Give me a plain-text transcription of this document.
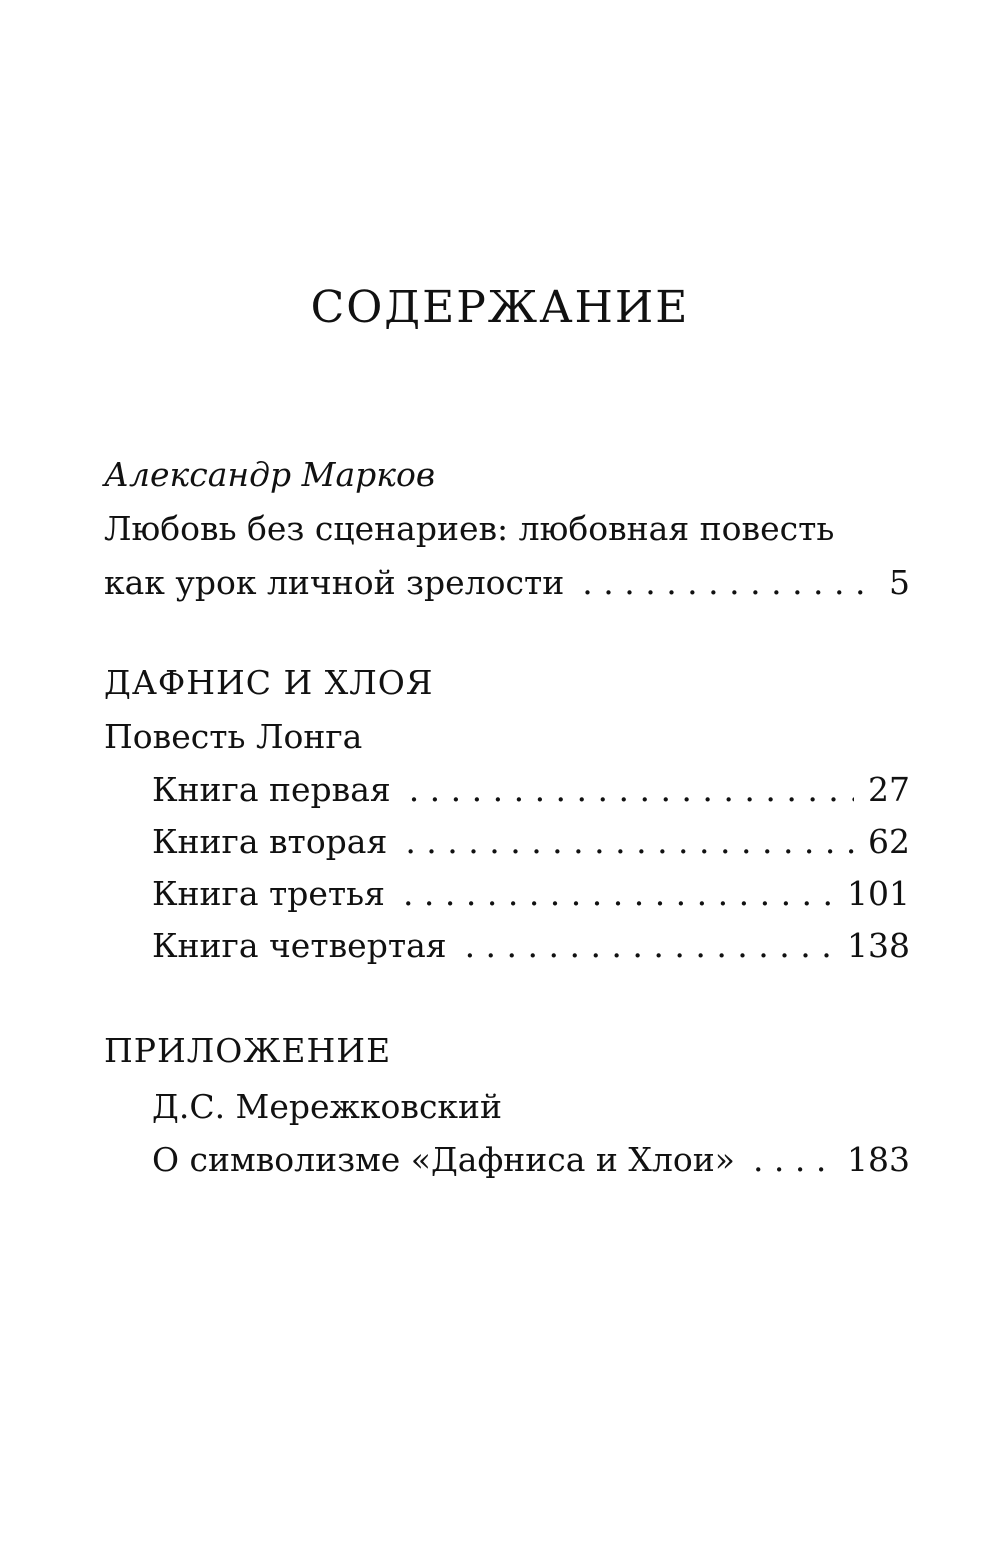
СОДЕРЖАНИЕ
Александр Марков
Любовь без сценариев: любовная повесть
как урок личной зрелости . . .	5
ДАФНИС И ХЛОЯ
Повесть Лонга
Книга первая . . .	27
Книга вторая . . .	62
Книга третья . . .	101
Книга четвертая . . .	138
ПРИЛОЖЕНИЕ
Д.С. Мережковский
О символизме «Дафниса и Хлои» . . .	183
